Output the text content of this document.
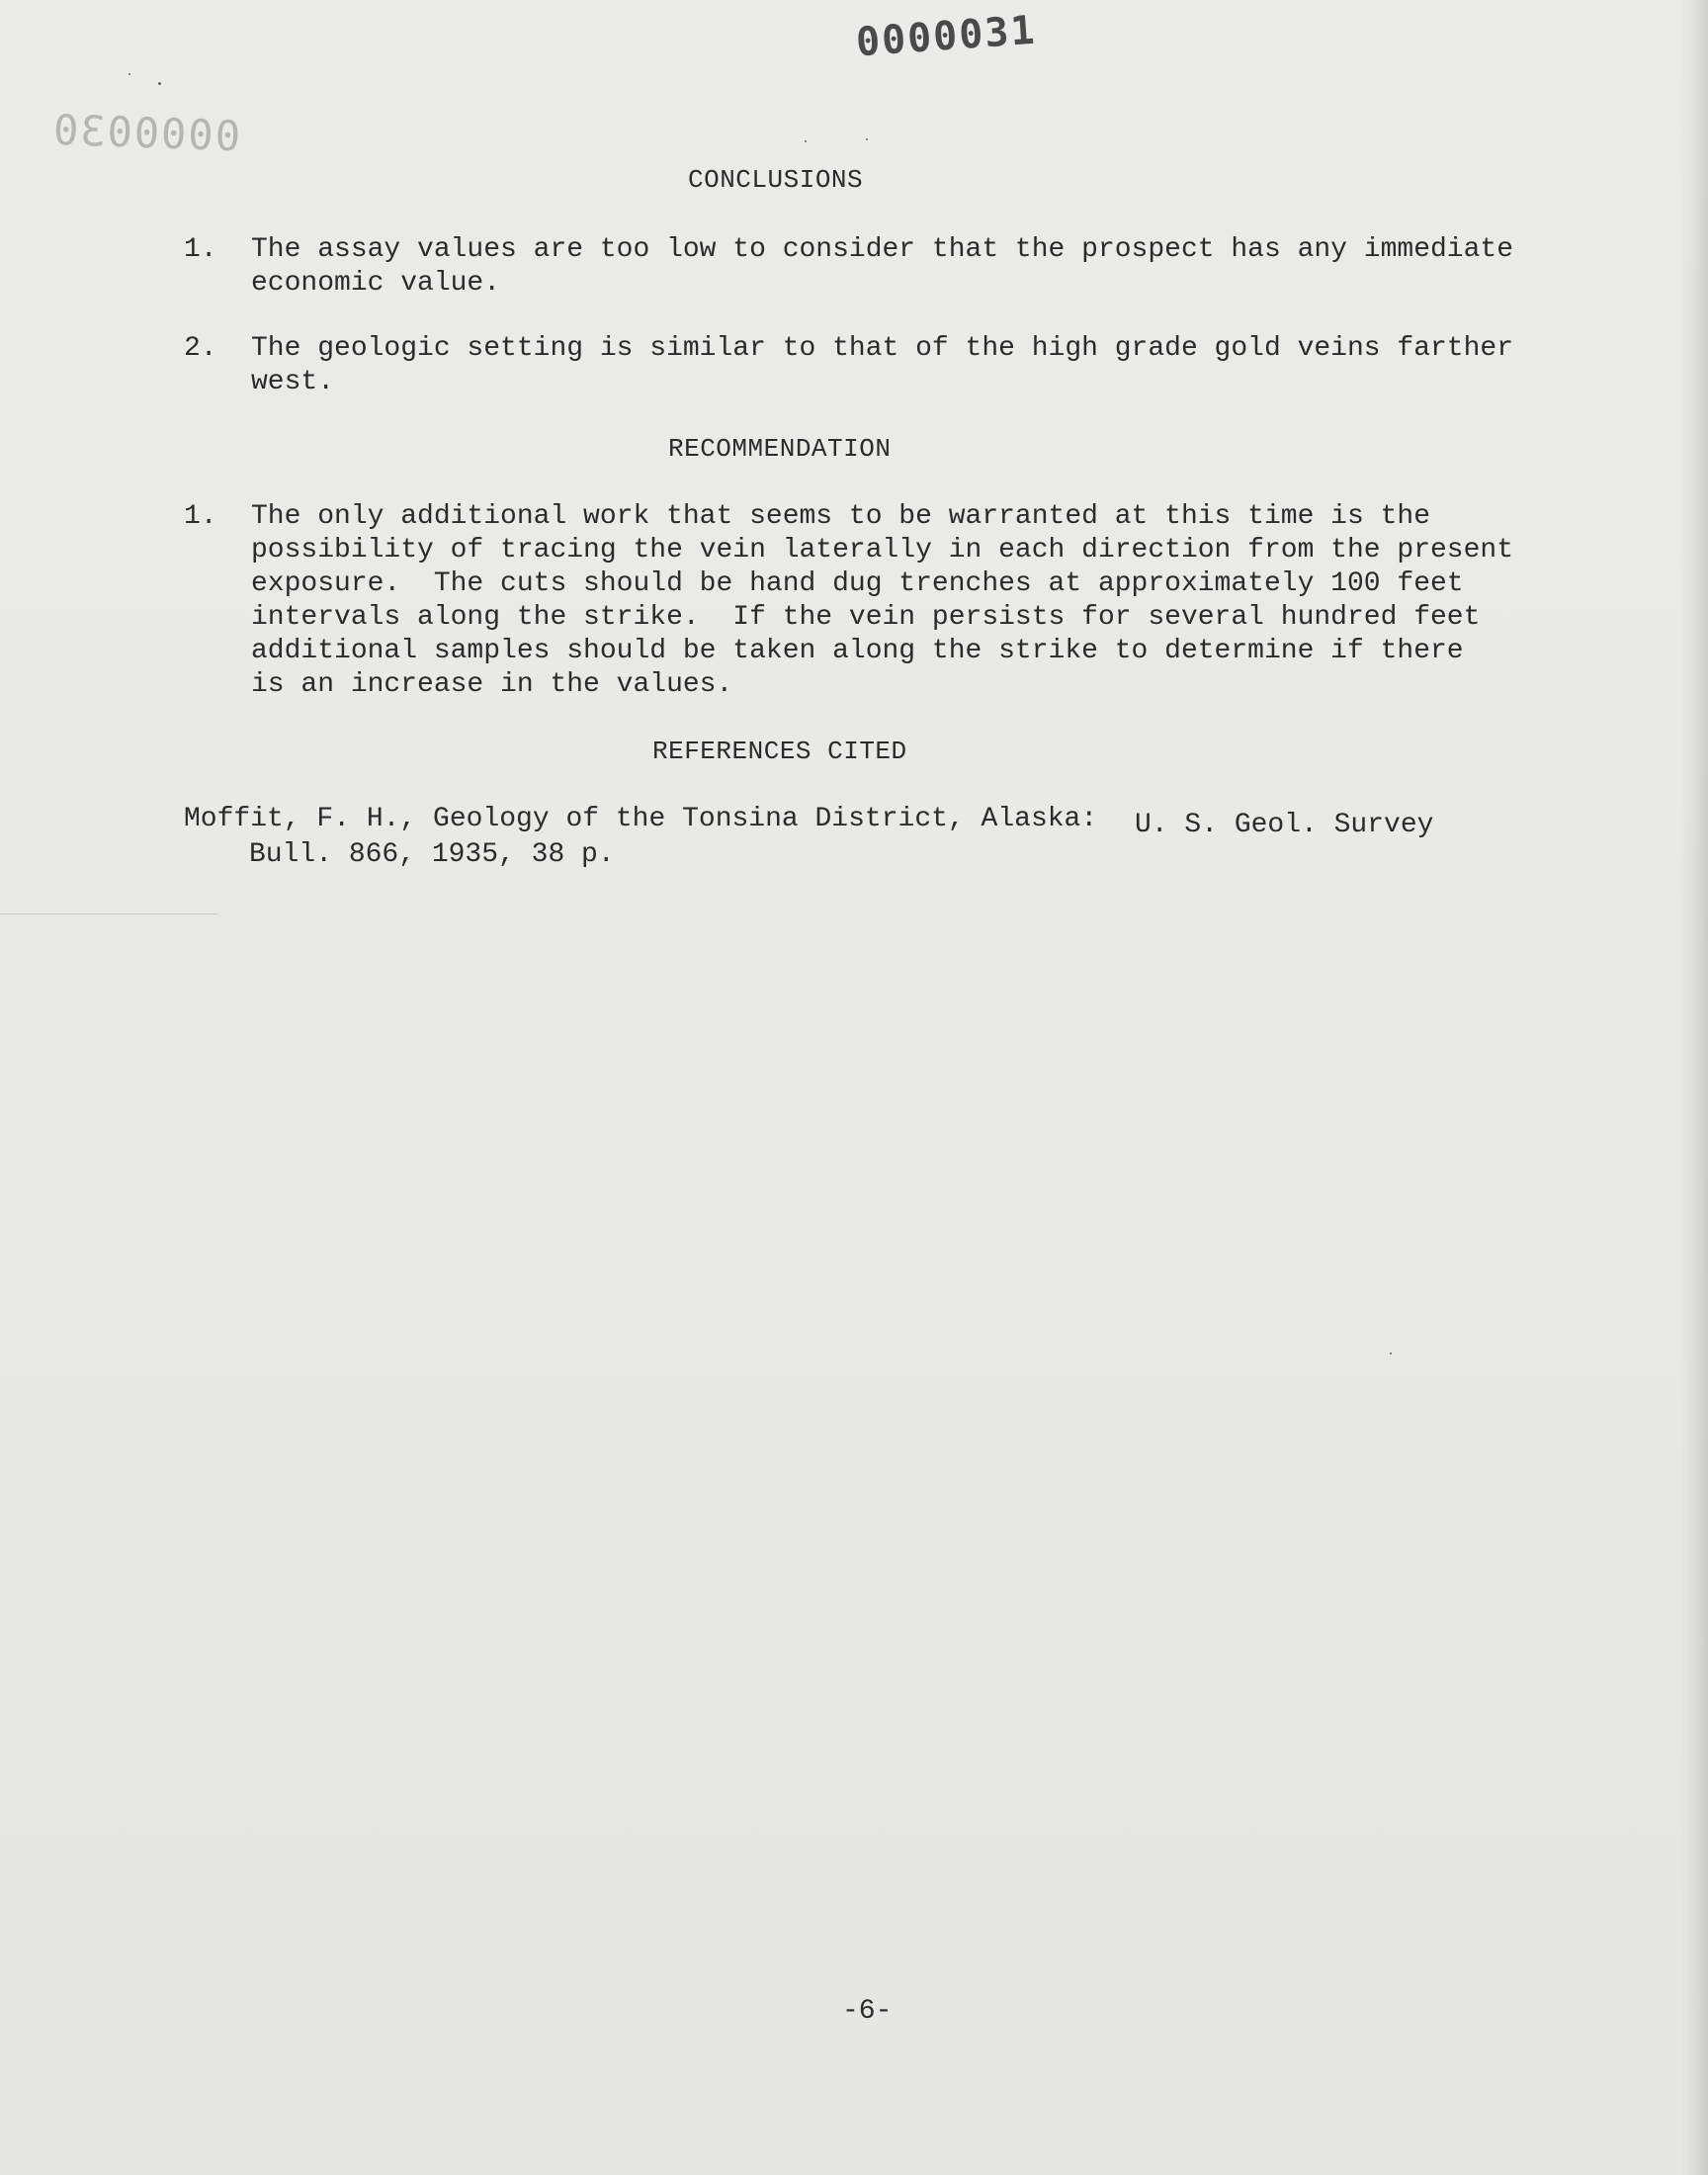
0000031
0000030
CONCLUSIONS
1. The assay values are too low to consider that the prospect has any immediate
economic value.
2. The geologic setting is similar to that of the high grade gold veins farther
west.
RECOMMENDATION
1. The only additional work that seems to be warranted at this time is the
possibility of tracing the vein laterally in each direction from the present
exposure.  The cuts should be hand dug trenches at approximately 100 feet
intervals along the strike.  If the vein persists for several hundred feet
additional samples should be taken along the strike to determine if there
is an increase in the values.
REFERENCES CITED
Moffit, F. H., Geology of the Tonsina District, Alaska: U. S. Geol. Survey
Bull. 866, 1935, 38 p.
-6-
